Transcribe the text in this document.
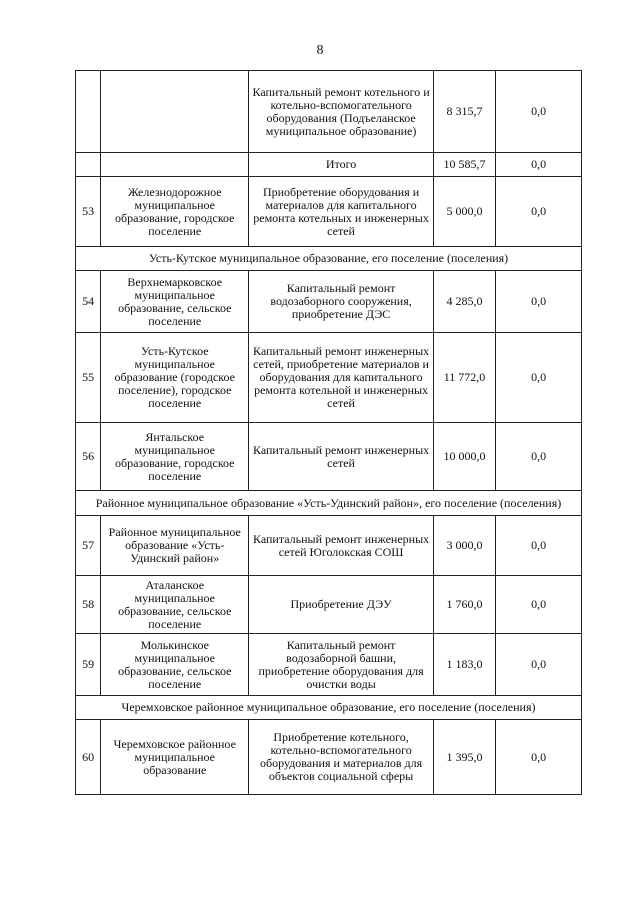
8
		Капитальный ремонт котельного и котельно-вспомогательного оборудования (Подъеланское муниципальное образование)	8 315,7	0,0
		Итого	10 585,7	0,0
53	Железнодорожное муниципальное образование, городское поселение	Приобретение оборудования и материалов для капитального ремонта котельных и инженерных сетей	5 000,0	0,0
Усть-Кутское муниципальное образование, его поселение (поселения)				
54	Верхнемарковское муниципальное образование, сельское поселение	Капитальный ремонт водозаборного сооружения, приобретение ДЭС	4 285,0	0,0
55	Усть-Кутское муниципальное образование (городское поселение), городское поселение	Капитальный ремонт инженерных сетей, приобретение материалов и оборудования для капитального ремонта котельной и инженерных сетей	11 772,0	0,0
56	Янтальское муниципальное образование, городское поселение	Капитальный ремонт инженерных сетей	10 000,0	0,0
Районное муниципальное образование «Усть-Удинский район», его поселение (поселения)				
57	Районное муниципальное образование «Усть-Удинский район»	Капитальный ремонт инженерных сетей Юголокская СОШ	3 000,0	0,0
58	Аталанское муниципальное образование, сельское поселение	Приобретение ДЭУ	1 760,0	0,0
59	Молькинское муниципальное образование, сельское поселение	Капитальный ремонт водозаборной башни, приобретение оборудования для очистки воды	1 183,0	0,0
Черемховское районное муниципальное образование, его поселение (поселения)				
60	Черемховское районное муниципальное образование	Приобретение котельного, котельно-вспомогательного оборудования и материалов для объектов социальной сферы	1 395,0	0,0
